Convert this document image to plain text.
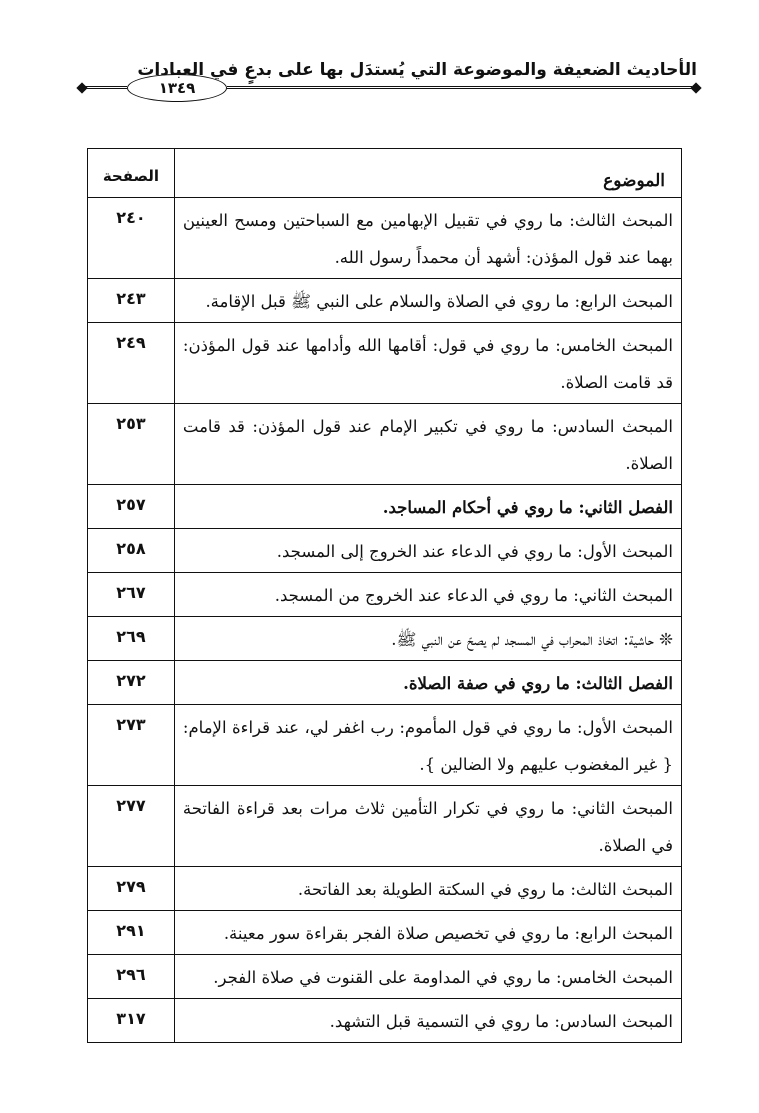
الأحاديث الضعيفة والموضوعة التي يُستدَل بها على بدعٍ في العبادات
١٣٤٩
الموضوع	الصفحة
المبحث الثالث: ما روي في تقبيل الإبهامين مع السباحتين ومسح العينين بهما عند قول المؤذن: أشهد أن محمداً رسول الله.	٢٤٠
المبحث الرابع: ما روي في الصلاة والسلام على النبي ﷺ قبل الإقامة.	٢٤٣
المبحث الخامس: ما روي في قول: أقامها الله وأدامها عند قول المؤذن: قد قامت الصلاة.	٢٤٩
المبحث السادس: ما روي في تكبير الإمام عند قول المؤذن: قد قامت الصلاة.	٢٥٣
الفصل الثاني: ما روي في أحكام المساجد.	٢٥٧
المبحث الأول: ما روي في الدعاء عند الخروج إلى المسجد.	٢٥٨
المبحث الثاني: ما روي في الدعاء عند الخروج من المسجد.	٢٦٧
❊ حاشية: اتخاذ المحراب في المسجد لم يصحّ عن النبي ﷺ.	٢٦٩
الفصل الثالث: ما روي في صفة الصلاة.	٢٧٢
المبحث الأول: ما روي في قول المأموم: رب اغفر لي، عند قراءة الإمام: { غير المغضوب عليهم ولا الضالين }.	٢٧٣
المبحث الثاني: ما روي في تكرار التأمين ثلاث مرات بعد قراءة الفاتحة في الصلاة.	٢٧٧
المبحث الثالث: ما روي في السكتة الطويلة بعد الفاتحة.	٢٧٩
المبحث الرابع: ما روي في تخصيص صلاة الفجر بقراءة سور معينة.	٢٩١
المبحث الخامس: ما روي في المداومة على القنوت في صلاة الفجر.	٢٩٦
المبحث السادس: ما روي في التسمية قبل التشهد.	٣١٧
